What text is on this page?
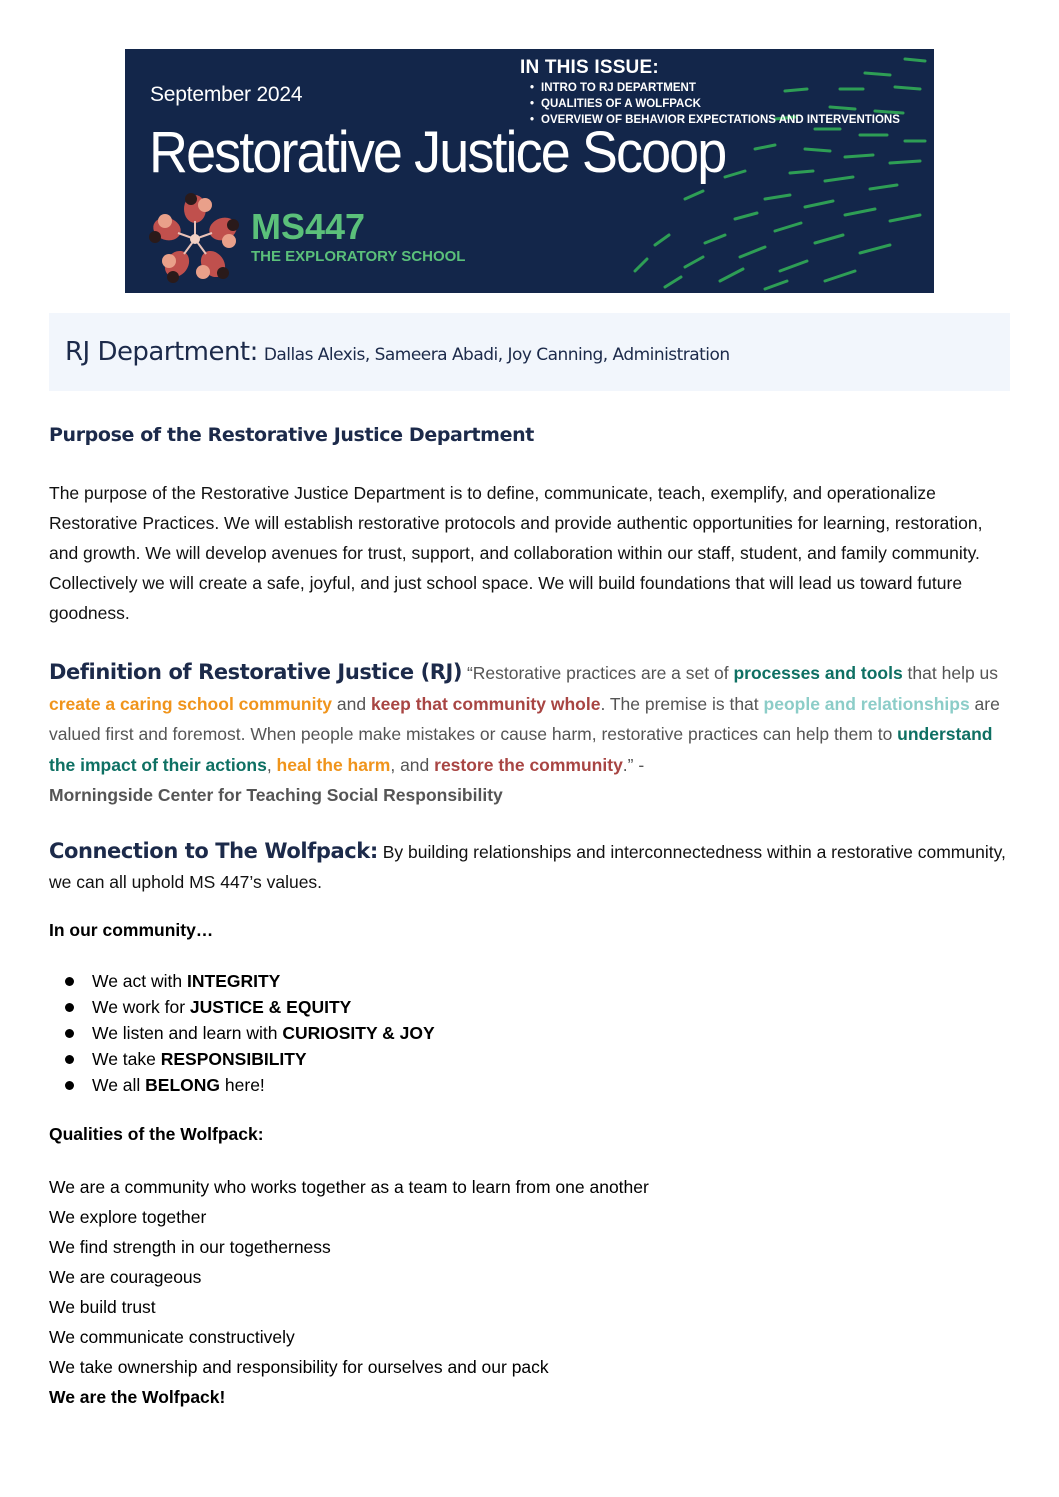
September 2024
Restorative Justice Scoop
IN THIS ISSUE:
• INTRO TO RJ DEPARTMENT
• QUALITIES OF A WOLFPACK
• OVERVIEW OF BEHAVIOR EXPECTATIONS AND INTERVENTIONS
MS447
THE EXPLORATORY SCHOOL
RJ Department: Dallas Alexis, Sameera Abadi, Joy Canning, Administration
Purpose of the Restorative Justice Department
The purpose of the Restorative Justice Department is to define, communicate, teach, exemplify, and operationalize Restorative Practices. We will establish restorative protocols and provide authentic opportunities for learning, restoration, and growth. We will develop avenues for trust, support, and collaboration within our staff, student, and family community. Collectively we will create a safe, joyful, and just school space. We will build foundations that will lead us toward future goodness.
Definition of Restorative Justice (RJ) “Restorative practices are a set of processes and tools that help us create a caring school community and keep that community whole. The premise is that people and relationships are valued first and foremost. When people make mistakes or cause harm, restorative practices can help them to understand the impact of their actions, heal the harm, and restore the community.” -
Morningside Center for Teaching Social Responsibility
Connection to The Wolfpack: By building relationships and interconnectedness within a restorative community, we can all uphold MS 447’s values.
In our community…
We act with INTEGRITY
We work for JUSTICE & EQUITY
We listen and learn with CURIOSITY & JOY
We take RESPONSIBILITY
We all BELONG here!
Qualities of the Wolfpack:
We are a community who works together as a team to learn from one another
We explore together
We find strength in our togetherness
We are courageous
We build trust
We communicate constructively
We take ownership and responsibility for ourselves and our pack
We are the Wolfpack!
